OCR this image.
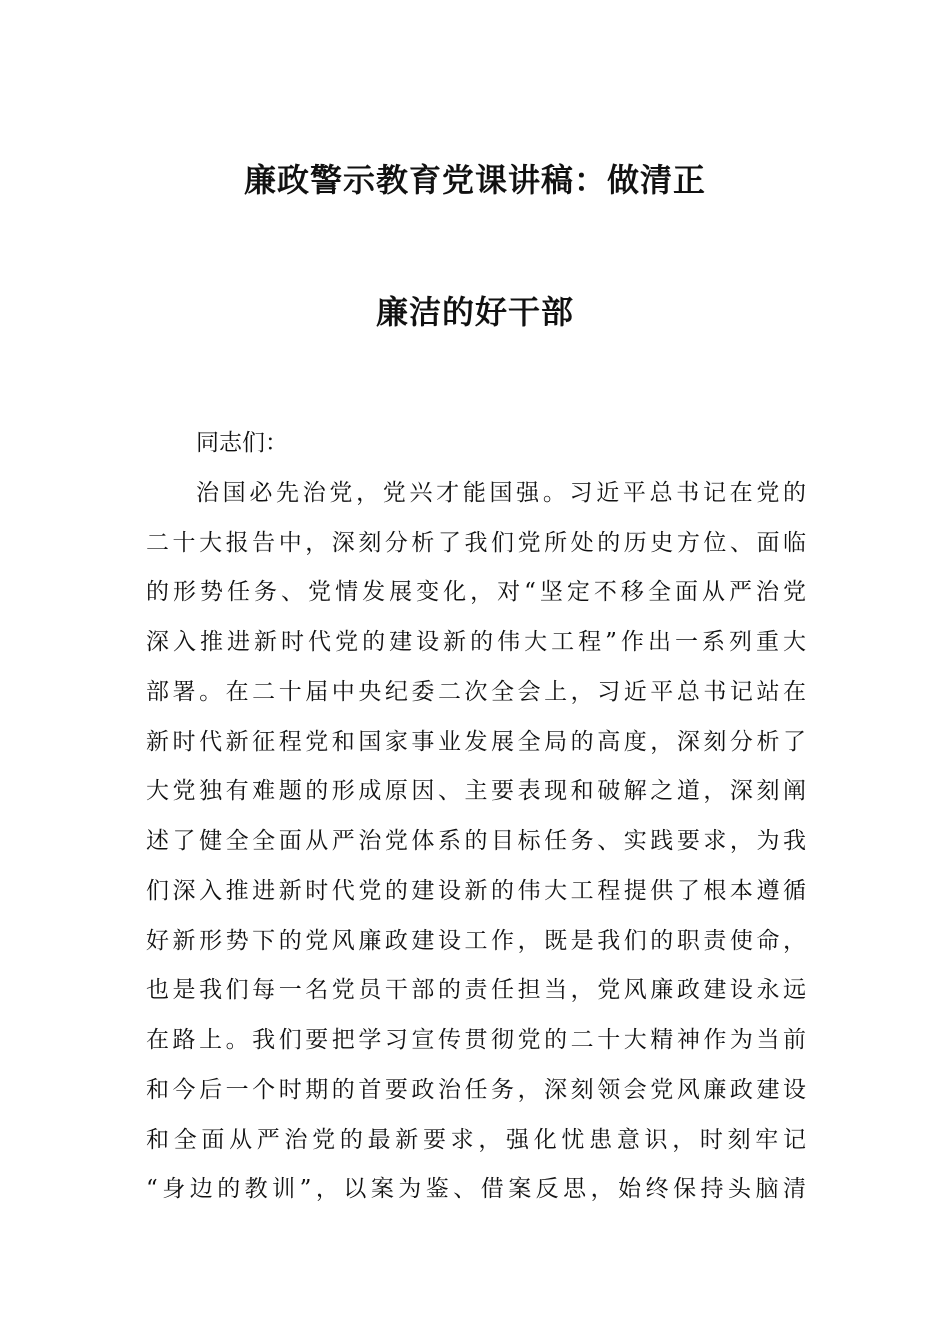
廉政警示教育党课讲稿：做清正
廉洁的好干部
同志们：
治国必先治党，党兴才能国强。习近平总书记在党的
二十大报告中，深刻分析了我们党所处的历史方位、面临
的形势任务、党情发展变化，对“坚定不移全面从严治党
深入推进新时代党的建设新的伟大工程”作出一系列重大
部署。在二十届中央纪委二次全会上，习近平总书记站在
新时代新征程党和国家事业发展全局的高度，深刻分析了
大党独有难题的形成原因、主要表现和破解之道，深刻阐
述了健全全面从严治党体系的目标任务、实践要求，为我
们深入推进新时代党的建设新的伟大工程提供了根本遵循
好新形势下的党风廉政建设工作，既是我们的职责使命，
也是我们每一名党员干部的责任担当，党风廉政建设永远
在路上。我们要把学习宣传贯彻党的二十大精神作为当前
和今后一个时期的首要政治任务，深刻领会党风廉政建设
和全面从严治党的最新要求，强化忧患意识，时刻牢记
“身边的教训”，以案为鉴、借案反思，始终保持头脑清
